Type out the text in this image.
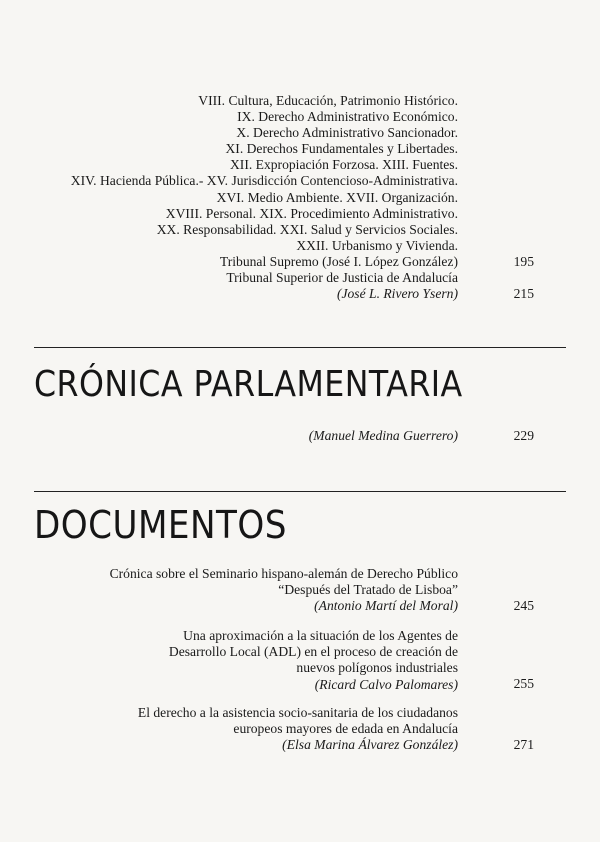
VIII. Cultura, Educación, Patrimonio Histórico.
IX. Derecho Administrativo Económico.
X. Derecho Administrativo Sancionador.
XI. Derechos Fundamentales y Libertades.
XII. Expropiación Forzosa. XIII. Fuentes.
XIV. Hacienda Pública.- XV. Jurisdicción Contencioso-Administrativa.
XVI. Medio Ambiente. XVII. Organización.
XVIII. Personal. XIX. Procedimiento Administrativo.
XX. Responsabilidad. XXI. Salud y Servicios Sociales.
XXII. Urbanismo y Vivienda.
Tribunal Supremo (José I. López González)	195
Tribunal Superior de Justicia de Andalucía
(José L. Rivero Ysern)	215
CRÓNICA PARLAMENTARIA
(Manuel Medina Guerrero)	229
DOCUMENTOS
Crónica sobre el Seminario hispano-alemán de Derecho Público
“Después del Tratado de Lisboa”
(Antonio Martí del Moral)	245
Una aproximación a la situación de los Agentes de
Desarrollo Local (ADL) en el proceso de creación de
nuevos polígonos industriales
(Ricard Calvo Palomares)	255
El derecho a la asistencia socio-sanitaria de los ciudadanos
europeos mayores de edada en Andalucía
(Elsa Marina Álvarez González)	271
